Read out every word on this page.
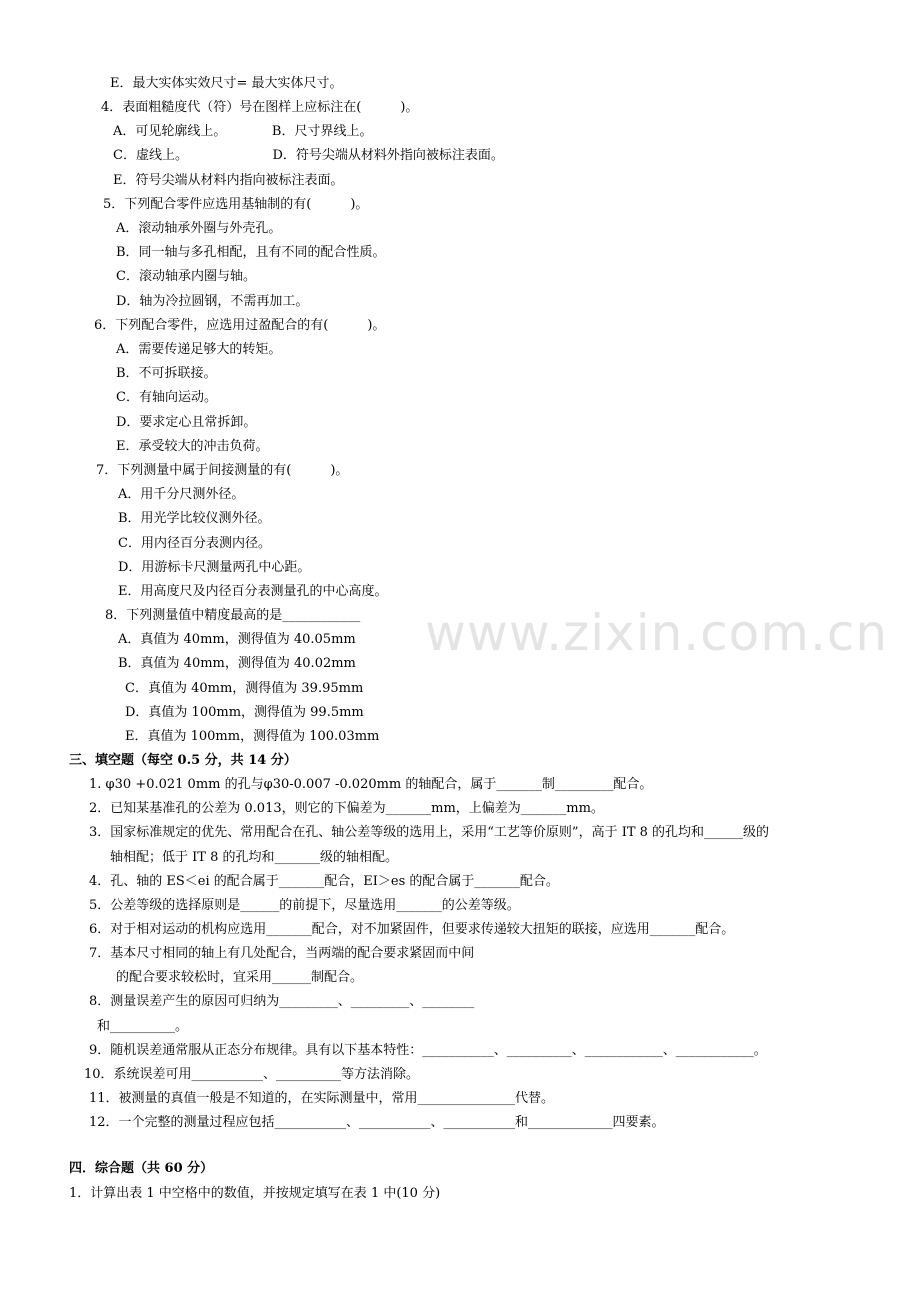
www.zixin.com.cn
E．最大实体实效尺寸= 最大实体尺寸。
4．表面粗糙度代（符）号在图样上应标注在(　　　)。
A．可见轮廓线上。　　　　B．尺寸界线上。
C．虚线上。　　　　　　　D．符号尖端从材料外指向被标注表面。
E．符号尖端从材料内指向被标注表面。
5．下列配合零件应选用基轴制的有(　　　)。
A．滚动轴承外圈与外壳孔。
B．同一轴与多孔相配，且有不同的配合性质。
C．滚动轴承内圈与轴。
D．轴为冷拉圆钢，不需再加工。
6．下列配合零件，应选用过盈配合的有(　　　)。
A．需要传递足够大的转矩。
B．不可拆联接。
C．有轴向运动。
D．要求定心且常拆卸。
E．承受较大的冲击负荷。
7．下列测量中属于间接测量的有(　　　)。
A．用千分尺测外径。
B．用光学比较仪测外径。
C．用内径百分表测内径。
D．用游标卡尺测量两孔中心距。
E．用高度尺及内径百分表测量孔的中心高度。
8．下列测量值中精度最高的是____________
A．真值为 40mm，测得值为 40.05mm
B．真值为 40mm，测得值为 40.02mm
C．真值为 40mm，测得值为 39.95mm
D．真值为 100mm，测得值为 99.5mm
E．真值为 100mm，测得值为 100.03mm
三、填空题（每空 0.5 分，共 14 分）
1. φ30 +0.021 0mm 的孔与φ30-0.007 -0.020mm 的轴配合，属于_______制_________配合。
2．已知某基准孔的公差为 0.013，则它的下偏差为_______mm，上偏差为_______mm。
3．国家标准规定的优先、常用配合在孔、轴公差等级的选用上，采用“工艺等价原则”，高于 IT 8 的孔均和______级的
轴相配；低于 IT 8 的孔均和_______级的轴相配。
4．孔、轴的 ES＜ei 的配合属于_______配合，EI＞es 的配合属于_______配合。
5．公差等级的选择原则是______的前提下，尽量选用_______的公差等级。
6．对于相对运动的机构应选用_______配合，对不加紧固件，但要求传递较大扭矩的联接，应选用_______配合。
7．基本尺寸相同的轴上有几处配合，当两端的配合要求紧固而中间
的配合要求较松时，宜采用______制配合。
8．测量误差产生的原因可归纳为_________、_________、________
和__________。
9．随机误差通常服从正态分布规律。具有以下基本特性：___________、__________、____________、____________。
10．系统误差可用___________、__________等方法消除。
11．被测量的真值一般是不知道的，在实际测量中，常用_______________代替。
12．一个完整的测量过程应包括___________、___________、___________和_____________四要素。
四．综合题（共 60 分）
1．计算出表 1 中空格中的数值，并按规定填写在表 1 中(10 分)
